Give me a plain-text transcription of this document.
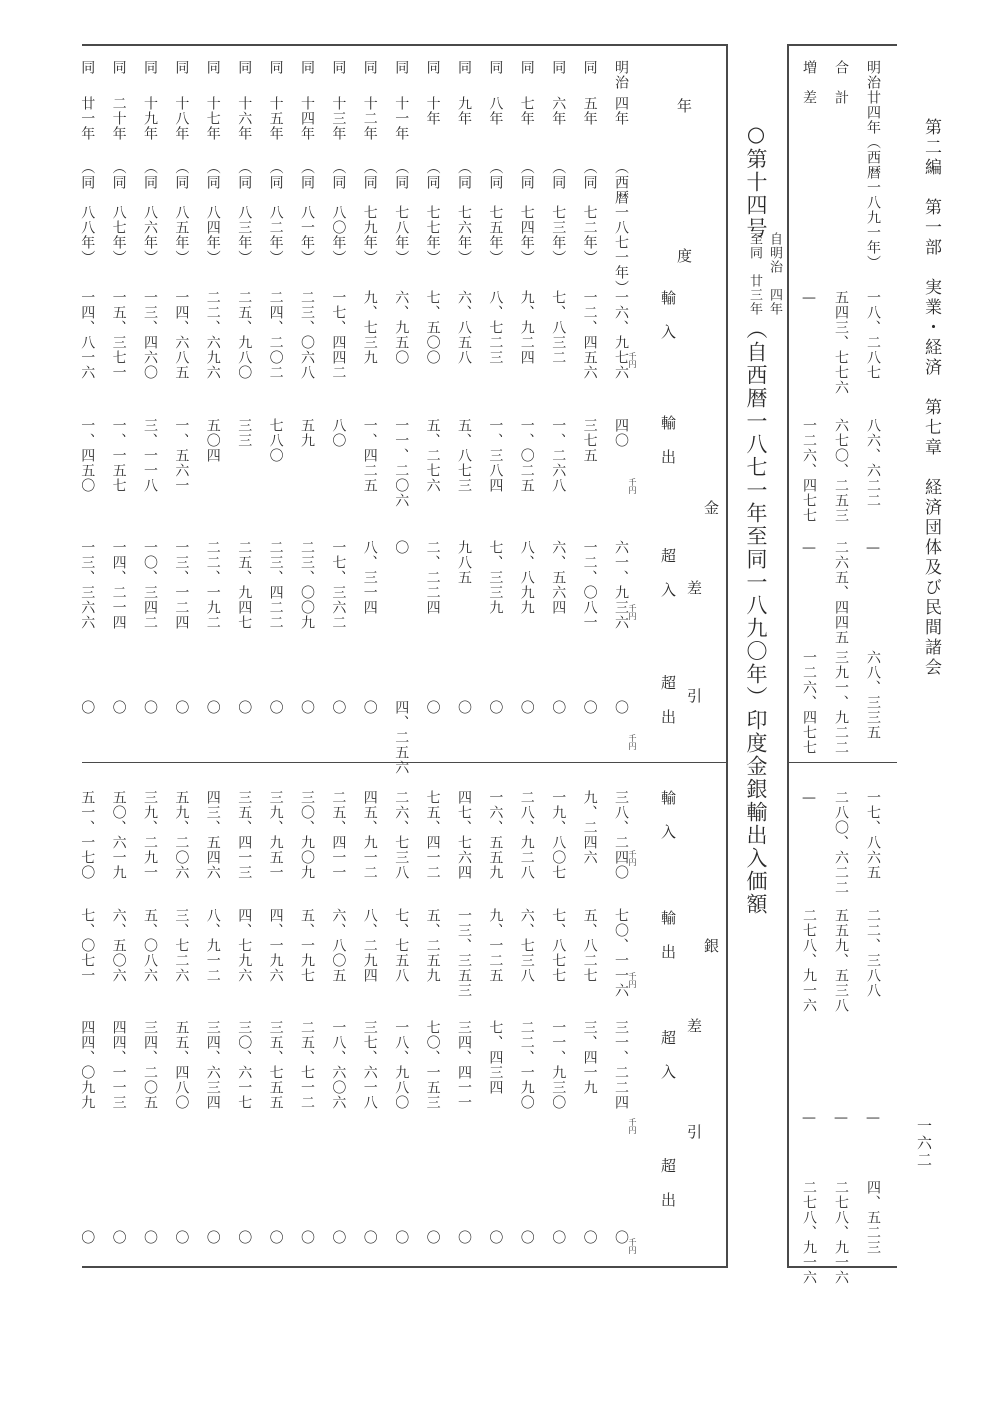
第二編　第一部　実業・経済　第七章　経済団体及び民間諸会
一六二
○第十四号
自明治　四年
至同　廿三年
（自西暦一八七一年至同一八九〇年）印度金銀輸出入価額
年　度
金
差
引
輸　入
輸　出
超　入
超　出
銀
差
引
輸　入
輸　出
超　入
超　出
明治
四年
（西暦一八七一年）
一六、九七六
四〇
六一、九三六
〇
三八、二四〇
七〇、一一六
三一、二二四
〇
同
五年
（同　七二年）
一二、四五六
三七五
一二、〇八一
〇
九、二四六
五、八二七
三、四一九
〇
同
六年
（同　七三年）
七、八三二
一、二六八
六、五六四
〇
一九、八〇七
七、八七七
一一、九三〇
〇
同
七年
（同　七四年）
九、九二四
一、〇二五
八、八九九
〇
二八、九二八
六、七三八
二二、一九〇
〇
同
八年
（同　七五年）
八、七二三
一、三八四
七、三三九
〇
一六、五五九
九、一二五
七、四三四
〇
同
九年
（同　七六年）
六、八五八
五、八七三
九八五
〇
四七、七六四
一三、三五三
三四、四一一
〇
同
十年
（同　七七年）
七、五〇〇
五、二七六
二、二二四
〇
七五、四一二
五、二五九
七〇、一五三
〇
同
十一年
（同　七八年）
六、九五〇
一一、二〇六
〇
四、二五六
二六、七三八
七、七五八
一八、九八〇
〇
同
十二年
（同　七九年）
九、七三九
一、四二五
八、三一四
〇
四五、九一二
八、二九四
三七、六一八
〇
同
十三年
（同　八〇年）
一七、四四二
八〇
一七、三六二
〇
二五、四一一
六、八〇五
一八、六〇六
〇
同
十四年
（同　八一年）
二三、〇六八
五九
二三、〇〇九
〇
三〇、九〇九
五、一九七
二五、七一二
〇
同
十五年
（同　八二年）
二四、二〇二
七八〇
二三、四二二
〇
三九、九五一
四、一九六
三五、七五五
〇
同
十六年
（同　八三年）
二五、九八〇
三三
二五、九四七
〇
三五、四一三
四、七九六
三〇、六一七
〇
同
十七年
（同　八四年）
二二、六九六
五〇四
二二、一九二
〇
四三、五四六
八、九一二
三四、六三四
〇
同
十八年
（同　八五年）
一四、六八五
一、五六一
一三、一二四
〇
五九、二〇六
三、七二六
五五、四八〇
〇
同
十九年
（同　八六年）
一三、四六〇
三、一一八
一〇、三四二
〇
三九、二九一
五、〇八六
三四、二〇五
〇
同
二十年
（同　八七年）
一五、三七一
一、一五七
一四、二一四
〇
五〇、六一九
六、五〇六
四四、一一三
〇
同
廿一年
（同　八八年）
一四、八一六
一、四五〇
一三、三六六
〇
五一、一七〇
七、〇七一
四四、〇九九
〇
千円
千円
千円
千円
千円
千円
千円
千円
明治廿四年（西暦一八九一年）
一八、二八七
八六、六二二
—
六八、三三五
一七、八六五
二二、三八八
—
四、五二三
合　計
五四三、七七六
六七〇、二五三
二六五、四四五
三九一、九二二
二八〇、六二二
五五九、五三八
—
二七八、九一六
増　差
—
一二六、四七七
—
一二六、四七七
—
二七八、九一六
—
二七八、九一六
